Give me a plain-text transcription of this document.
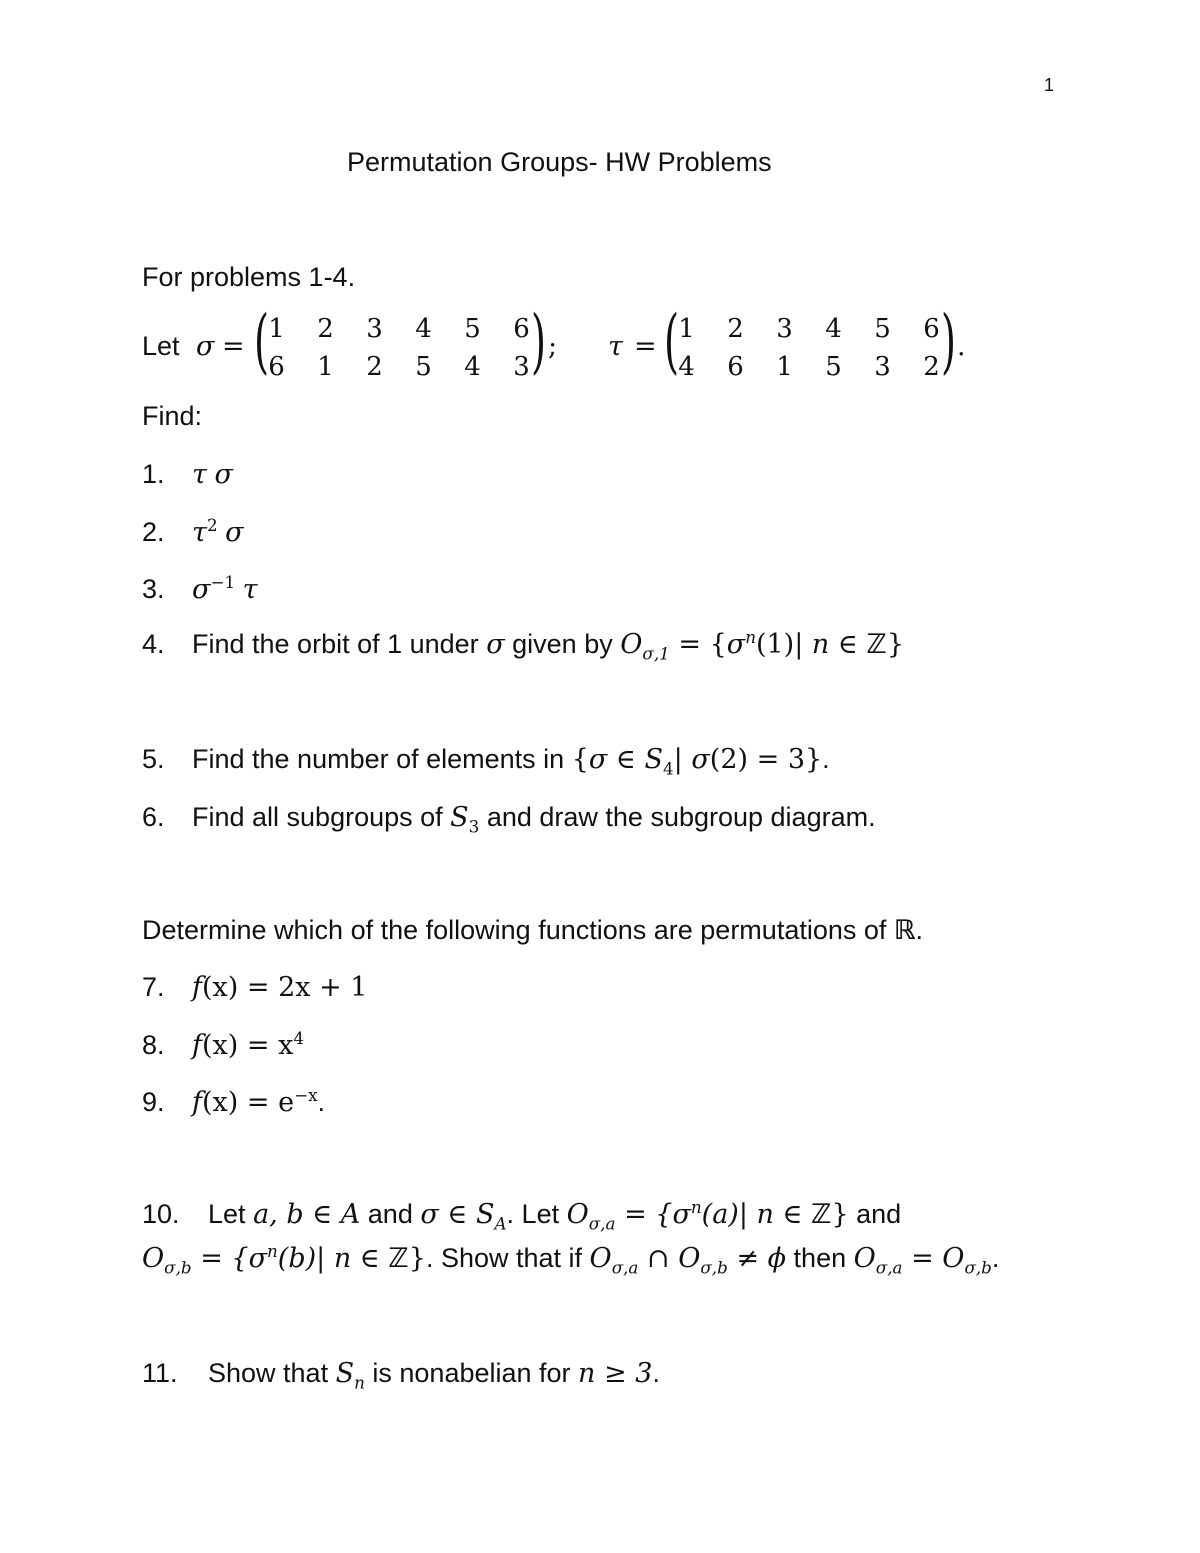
1
Permutation Groups- HW Problems
For problems 1-4.
Let σ = ( 1	2	3	4	5	6
6	1	2	5	4	3 ) ; τ = ( 1	2	3	4	5	6
4	6	1	5	3	2 ) .
Find:
1. τ σ
2. $\tau^2$ σ
3. $\sigma^{-1}$ τ
4. Find the orbit of 1 under σ given by $O_{\sigma,1} = \{\sigma^n(1)|$ n ∈ ℤ}
5. Find the number of elements in {σ ∈ $S_4|$ σ(2) = 3}.
6. Find all subgroups of $S_3$ and draw the subgroup diagram.
Determine which of the following functions are permutations of ℝ.
7. f(x) = 2x + 1
8. $f(x) = x^4$
9. $f(x) = e^{-x}$.
10. Let a, b ∈ A and σ ∈ $S_A$. Let $O_{\sigma,a} = \{\sigma^n(a)|$ n ∈ ℤ} and
$O_{\sigma,b} = \{\sigma^n(b)|$ n ∈ ℤ}. Show that if $O_{\sigma,a}$ ∩ $O_{\sigma,b} \ne \phi$ then $O_{\sigma,a} = O_{\sigma,b}$.
11. Show that $S_n$ is nonabelian for n ≥ 3.
